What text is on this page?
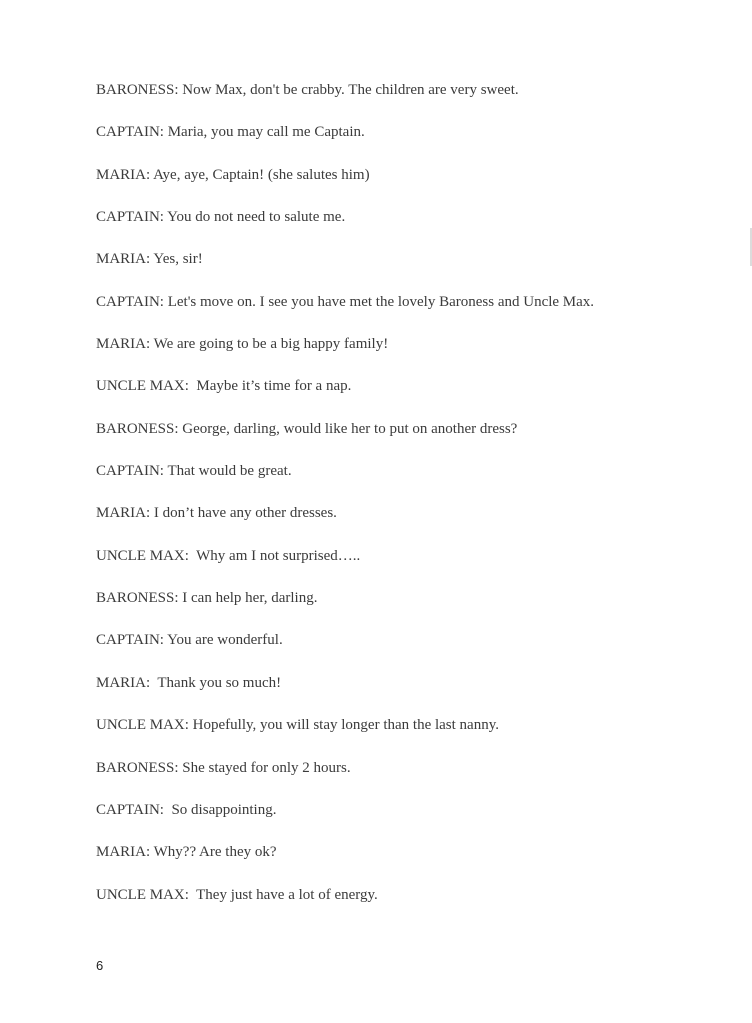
BARONESS: Now Max, don't be crabby. The children are very sweet.
CAPTAIN: Maria, you may call me Captain.
MARIA: Aye, aye, Captain! (she salutes him)
CAPTAIN: You do not need to salute me.
MARIA: Yes, sir!
CAPTAIN: Let's move on. I see you have met the lovely Baroness and Uncle Max.
MARIA: We are going to be a big happy family!
UNCLE MAX:  Maybe it’s time for a nap.
BARONESS: George, darling, would like her to put on another dress?
CAPTAIN: That would be great.
MARIA: I don’t have any other dresses.
UNCLE MAX:  Why am I not surprised…..
BARONESS: I can help her, darling.
CAPTAIN: You are wonderful.
MARIA:  Thank you so much!
UNCLE MAX: Hopefully, you will stay longer than the last nanny.
BARONESS: She stayed for only 2 hours.
CAPTAIN:  So disappointing.
MARIA: Why?? Are they ok?
UNCLE MAX:  They just have a lot of energy.
6
